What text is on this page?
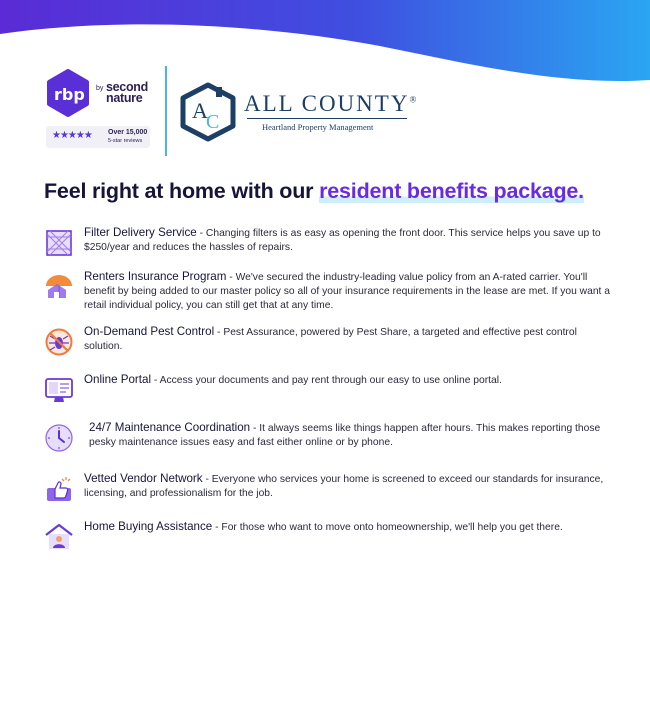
rbp by second nature
★★★★★ Over 15,000
5-star reviews
A
C
ALL COUNTY®
Heartland Property Management
Feel right at home with our resident benefits package.
Filter Delivery Service - Changing filters is as easy as opening the front door. This service helps you save up to $250/year and reduces the hassles of repairs.
Renters Insurance Program - We've secured the industry-leading value policy from an A-rated carrier. You'll benefit by being added to our master policy so all of your insurance requirements in the lease are met. If you want a retail individual policy, you can still get that at any time.
On-Demand Pest Control - Pest Assurance, powered by Pest Share, a targeted and effective pest control solution.
Online Portal - Access your documents and pay rent through our easy to use online portal.
24/7 Maintenance Coordination - It always seems like things happen after hours. This makes reporting those pesky maintenance issues easy and fast either online or by phone.
Vetted Vendor Network - Everyone who services your home is screened to exceed our standards for insurance, licensing, and professionalism for the job.
Home Buying Assistance - For those who want to move onto homeownership, we'll help you get there.
